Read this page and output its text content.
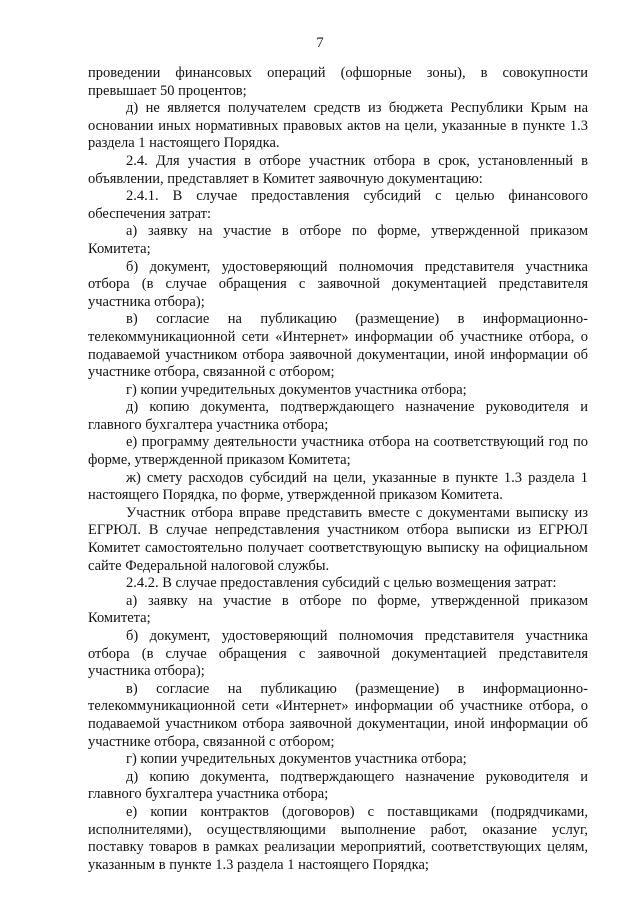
7

проведении финансовых операций (офшорные зоны), в совокупности превышает 50 процентов;

д) не является получателем средств из бюджета Республики Крым на основании иных нормативных правовых актов на цели, указанные в пункте 1.3 раздела 1 настоящего Порядка.

2.4. Для участия в отборе участник отбора в срок, установленный в объявлении, представляет в Комитет заявочную документацию:

2.4.1. В случае предоставления субсидий с целью финансового обеспечения затрат:

а) заявку на участие в отборе по форме, утвержденной приказом Комитета;

б) документ, удостоверяющий полномочия представителя участника отбора (в случае обращения с заявочной документацией представителя участника отбора);

в) согласие на публикацию (размещение) в информационно-телекоммуникационной сети «Интернет» информации об участнике отбора, о подаваемой участником отбора заявочной документации, иной информации об участнике отбора, связанной с отбором;

г) копии учредительных документов участника отбора;

д) копию документа, подтверждающего назначение руководителя и главного бухгалтера участника отбора;

е) программу деятельности участника отбора на соответствующий год по форме, утвержденной приказом Комитета;

ж) смету расходов субсидий на цели, указанные в пункте 1.3 раздела 1 настоящего Порядка, по форме, утвержденной приказом Комитета.

Участник отбора вправе представить вместе с документами выписку из ЕГРЮЛ. В случае непредставления участником отбора выписки из ЕГРЮЛ Комитет самостоятельно получает соответствующую выписку на официальном сайте Федеральной налоговой службы.

2.4.2. В случае предоставления субсидий с целью возмещения затрат:

а) заявку на участие в отборе по форме, утвержденной приказом Комитета;

б) документ, удостоверяющий полномочия представителя участника отбора (в случае обращения с заявочной документацией представителя участника отбора);

в) согласие на публикацию (размещение) в информационно-телекоммуникационной сети «Интернет» информации об участнике отбора, о подаваемой участником отбора заявочной документации, иной информации об участнике отбора, связанной с отбором;

г) копии учредительных документов участника отбора;

д) копию документа, подтверждающего назначение руководителя и главного бухгалтера участника отбора;

е) копии контрактов (договоров) с поставщиками (подрядчиками, исполнителями), осуществляющими выполнение работ, оказание услуг, поставку товаров в рамках реализации мероприятий, соответствующих целям, указанным в пункте 1.3 раздела 1 настоящего Порядка;
